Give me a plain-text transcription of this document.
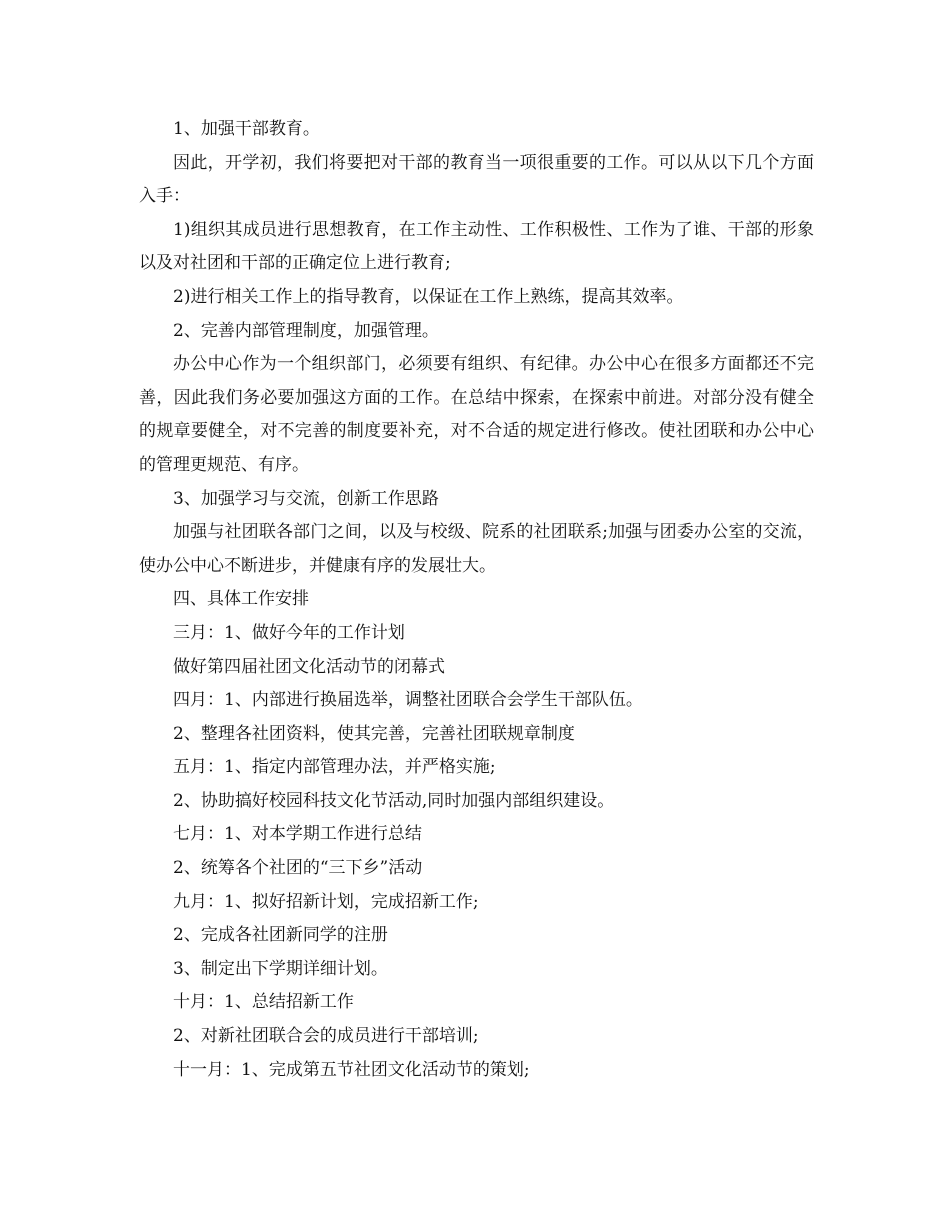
1、加强干部教育。

因此，开学初，我们将要把对干部的教育当一项很重要的工作。可以从以下几个方面入手：

1)组织其成员进行思想教育，在工作主动性、工作积极性、工作为了谁、干部的形象以及对社团和干部的正确定位上进行教育;

2)进行相关工作上的指导教育，以保证在工作上熟练，提高其效率。

2、完善内部管理制度，加强管理。

办公中心作为一个组织部门，必须要有组织、有纪律。办公中心在很多方面都还不完善，因此我们务必要加强这方面的工作。在总结中探索，在探索中前进。对部分没有健全的规章要健全，对不完善的制度要补充，对不合适的规定进行修改。使社团联和办公中心的管理更规范、有序。

3、加强学习与交流，创新工作思路

加强与社团联各部门之间，以及与校级、院系的社团联系;加强与团委办公室的交流，使办公中心不断进步，并健康有序的发展壮大。

四、具体工作安排

三月：1、做好今年的工作计划

做好第四届社团文化活动节的闭幕式

四月：1、内部进行换届选举，调整社团联合会学生干部队伍。

2、整理各社团资料，使其完善，完善社团联规章制度

五月：1、指定内部管理办法，并严格实施;

2、协助搞好校园科技文化节活动,同时加强内部组织建设。

七月：1、对本学期工作进行总结

2、统筹各个社团的“三下乡”活动

九月：1、拟好招新计划，完成招新工作;

2、完成各社团新同学的注册

3、制定出下学期详细计划。

十月：1、总结招新工作

2、对新社团联合会的成员进行干部培训;

十一月：1、完成第五节社团文化活动节的策划;
